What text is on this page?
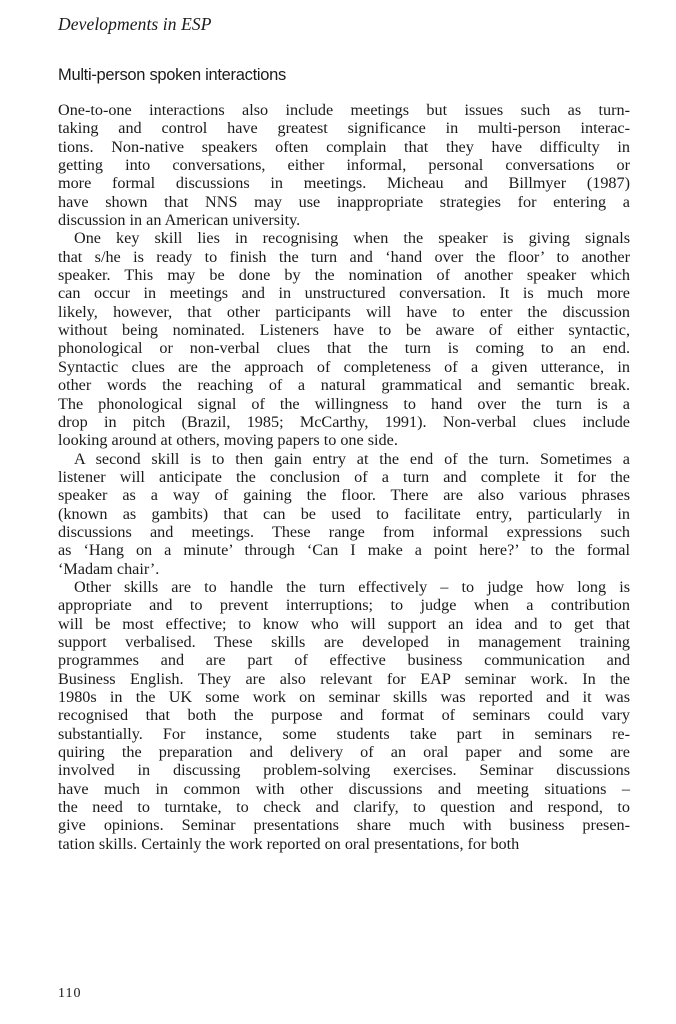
Developments in ESP
Multi-person spoken interactions

One-to-one interactions also include meetings but issues such as turn-
taking and control have greatest significance in multi-person interac-
tions. Non-native speakers often complain that they have difficulty in
getting into conversations, either informal, personal conversations or
more formal discussions in meetings. Micheau and Billmyer (1987)
have shown that NNS may use inappropriate strategies for entering a
discussion in an American university.

One key skill lies in recognising when the speaker is giving signals
that s/he is ready to finish the turn and ‘hand over the floor’ to another
speaker. This may be done by the nomination of another speaker which
can occur in meetings and in unstructured conversation. It is much more
likely, however, that other participants will have to enter the discussion
without being nominated. Listeners have to be aware of either syntactic,
phonological or non-verbal clues that the turn is coming to an end.
Syntactic clues are the approach of completeness of a given utterance, in
other words the reaching of a natural grammatical and semantic break.
The phonological signal of the willingness to hand over the turn is a
drop in pitch (Brazil, 1985; McCarthy, 1991). Non-verbal clues include
looking around at others, moving papers to one side.

A second skill is to then gain entry at the end of the turn. Sometimes a
listener will anticipate the conclusion of a turn and complete it for the
speaker as a way of gaining the floor. There are also various phrases
(known as gambits) that can be used to facilitate entry, particularly in
discussions and meetings. These range from informal expressions such
as ‘Hang on a minute’ through ‘Can I make a point here?’ to the formal
‘Madam chair’.

Other skills are to handle the turn effectively – to judge how long is
appropriate and to prevent interruptions; to judge when a contribution
will be most effective; to know who will support an idea and to get that
support verbalised. These skills are developed in management training
programmes and are part of effective business communication and
Business English. They are also relevant for EAP seminar work. In the
1980s in the UK some work on seminar skills was reported and it was
recognised that both the purpose and format of seminars could vary
substantially. For instance, some students take part in seminars re-
quiring the preparation and delivery of an oral paper and some are
involved in discussing problem-solving exercises. Seminar discussions
have much in common with other discussions and meeting situations –
the need to turntake, to check and clarify, to question and respond, to
give opinions. Seminar presentations share much with business presen-
tation skills. Certainly the work reported on oral presentations, for both

110
